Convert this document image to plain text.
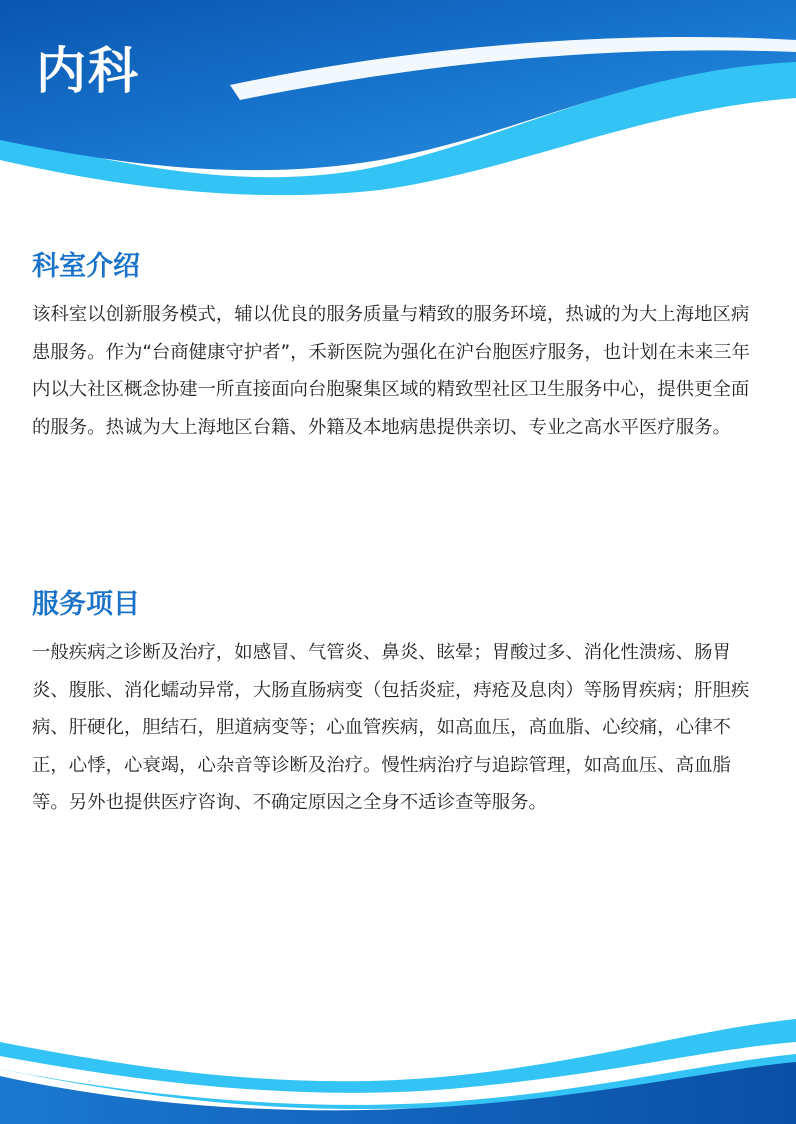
内科
科室介绍

该科室以创新服务模式，辅以优良的服务质量与精致的服务环境，热诚的为大上海地区病患服务。作为“台商健康守护者”，禾新医院为强化在沪台胞医疗服务，也计划在未来三年内以大社区概念协建一所直接面向台胞聚集区域的精致型社区卫生服务中心，提供更全面的服务。热诚为大上海地区台籍、外籍及本地病患提供亲切、专业之高水平医疗服务。

服务项目

一般疾病之诊断及治疗，如感冒、气管炎、鼻炎、眩晕；胃酸过多、消化性溃疡、肠胃炎、腹胀、消化蠕动异常，大肠直肠病变（包括炎症，痔疮及息肉）等肠胃疾病；肝胆疾病、肝硬化，胆结石，胆道病变等；心血管疾病，如高血压，高血脂、心绞痛，心律不正，心悸，心衰竭，心杂音等诊断及治疗。慢性病治疗与追踪管理，如高血压、高血脂等。另外也提供医疗咨询、不确定原因之全身不适诊查等服务。
